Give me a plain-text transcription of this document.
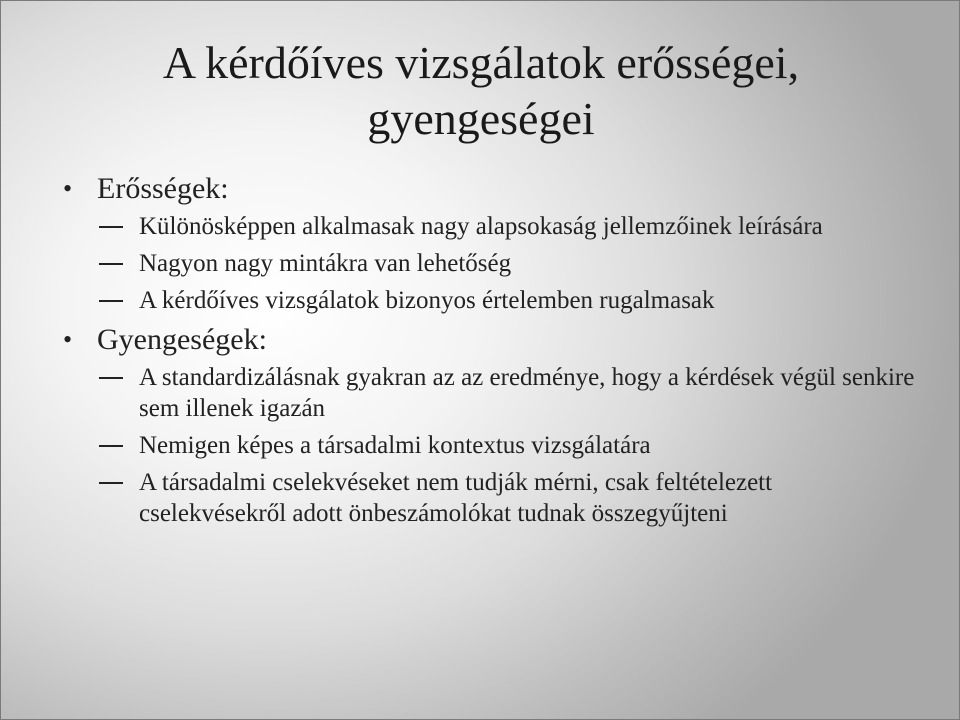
A kérdőíves vizsgálatok erősségei,
gyengeségei
• Erősségek:
Különösképpen alkalmasak nagy alapsokaság jellemzőinek leírására
Nagyon nagy mintákra van lehetőség
A kérdőíves vizsgálatok bizonyos értelemben rugalmasak
• Gyengeségek:
A standardizálásnak gyakran az az eredménye, hogy a kérdések végül senkire sem illenek igazán
Nemigen képes a társadalmi kontextus vizsgálatára
A társadalmi cselekvéseket nem tudják mérni, csak feltételezett cselekvésekről adott önbeszámolókat tudnak összegyűjteni
